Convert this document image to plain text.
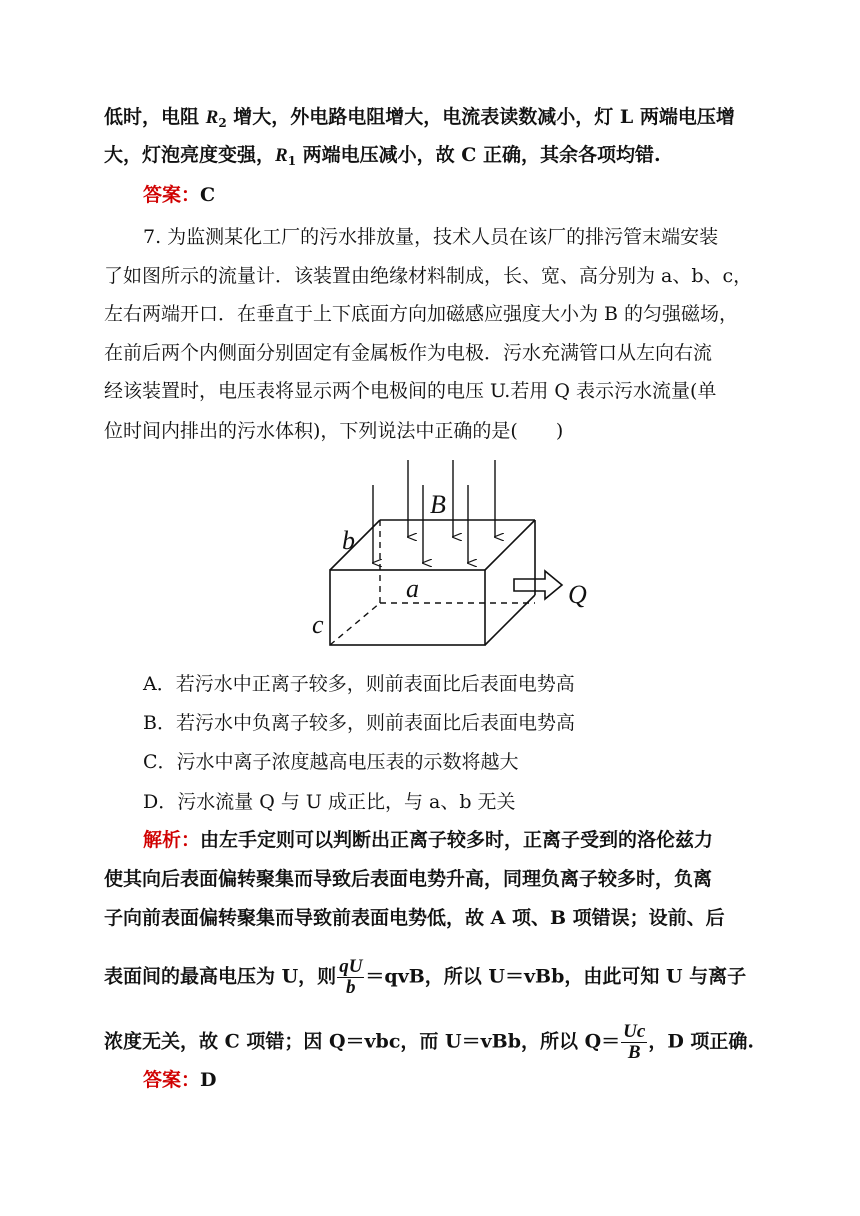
低时，电阻 $R_2$ 增大，外电路电阻增大，电流表读数减小，灯 L 两端电压增
大，灯泡亮度变强，$R_1$ 两端电压减小，故 C 正确，其余各项均错.
答案：C
7. 为监测某化工厂的污水排放量，技术人员在该厂的排污管末端安装
了如图所示的流量计．该装置由绝缘材料制成，长、宽、高分别为 a、b、c，
左右两端开口．在垂直于上下底面方向加磁感应强度大小为 B 的匀强磁场，
在前后两个内侧面分别固定有金属板作为电极．污水充满管口从左向右流
经该装置时，电压表将显示两个电极间的电压 U.若用 Q 表示污水流量(单
位时间内排出的污水体积)，下列说法中正确的是(　　)
B
b
a
c
Q
A．若污水中正离子较多，则前表面比后表面电势高
B．若污水中负离子较多，则前表面比后表面电势高
C．污水中离子浓度越高电压表的示数将越大
D．污水流量 Q 与 U 成正比，与 a、b 无关
解析：由左手定则可以判断出正离子较多时，正离子受到的洛伦兹力
使其向后表面偏转聚集而导致后表面电势升高，同理负离子较多时，负离
子向前表面偏转聚集而导致前表面电势低，故 A 项、B 项错误；设前、后
表面间的最高电压为 U，则 $\frac{qU}{b} =qvB$，所以 U＝vBb，由此可知 U 与离子
浓度无关，故 C 项错；因 Q＝vbc，而 U＝vBb，所以 $Q= \frac{Uc}{B}$ ，D 项正确.
答案：D
